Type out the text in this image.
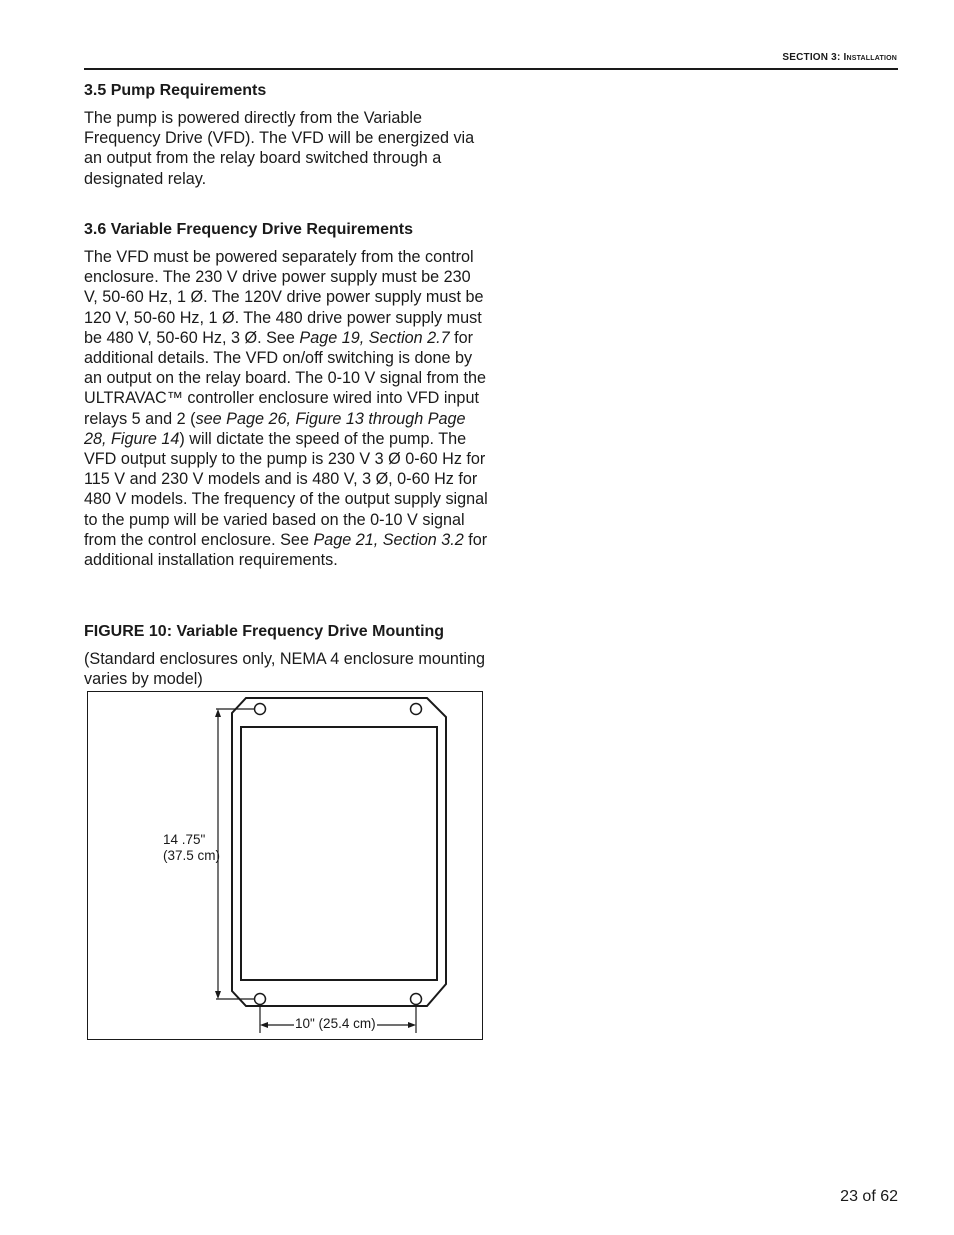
SECTION 3: Installation
3.5 Pump Requirements

The pump is powered directly from the Variable Frequency Drive (VFD). The VFD will be energized via an output from the relay board switched through a designated relay.

3.6 Variable Frequency Drive Requirements

The VFD must be powered separately from the control enclosure. The 230 V drive power supply must be 230 V, 50-60 Hz, 1 Ø. The 120V drive power supply must be 120 V, 50-60 Hz, 1 Ø. The 480 drive power supply must be 480 V, 50-60 Hz, 3 Ø. See Page 19, Section 2.7 for additional details. The VFD on/off switching is done by an output on the relay board. The 0-10 V signal from the ULTRAVAC™ controller enclosure wired into VFD input relays 5 and 2 (see Page 26, Figure 13 through Page 28, Figure 14) will dictate the speed of the pump. The VFD output supply to the pump is 230 V 3 Ø 0-60 Hz for 115 V and 230 V models and is 480 V, 3 Ø, 0-60 Hz for 480 V models. The frequency of the output supply signal to the pump will be varied based on the 0-10 V signal from the control enclosure. See Page 21, Section 3.2 for additional installation requirements.

FIGURE 10: Variable Frequency Drive Mounting

(Standard enclosures only, NEMA 4 enclosure mounting varies by model)

14 .75"
(37.5 cm)
10" (25.4 cm)
23 of 62
